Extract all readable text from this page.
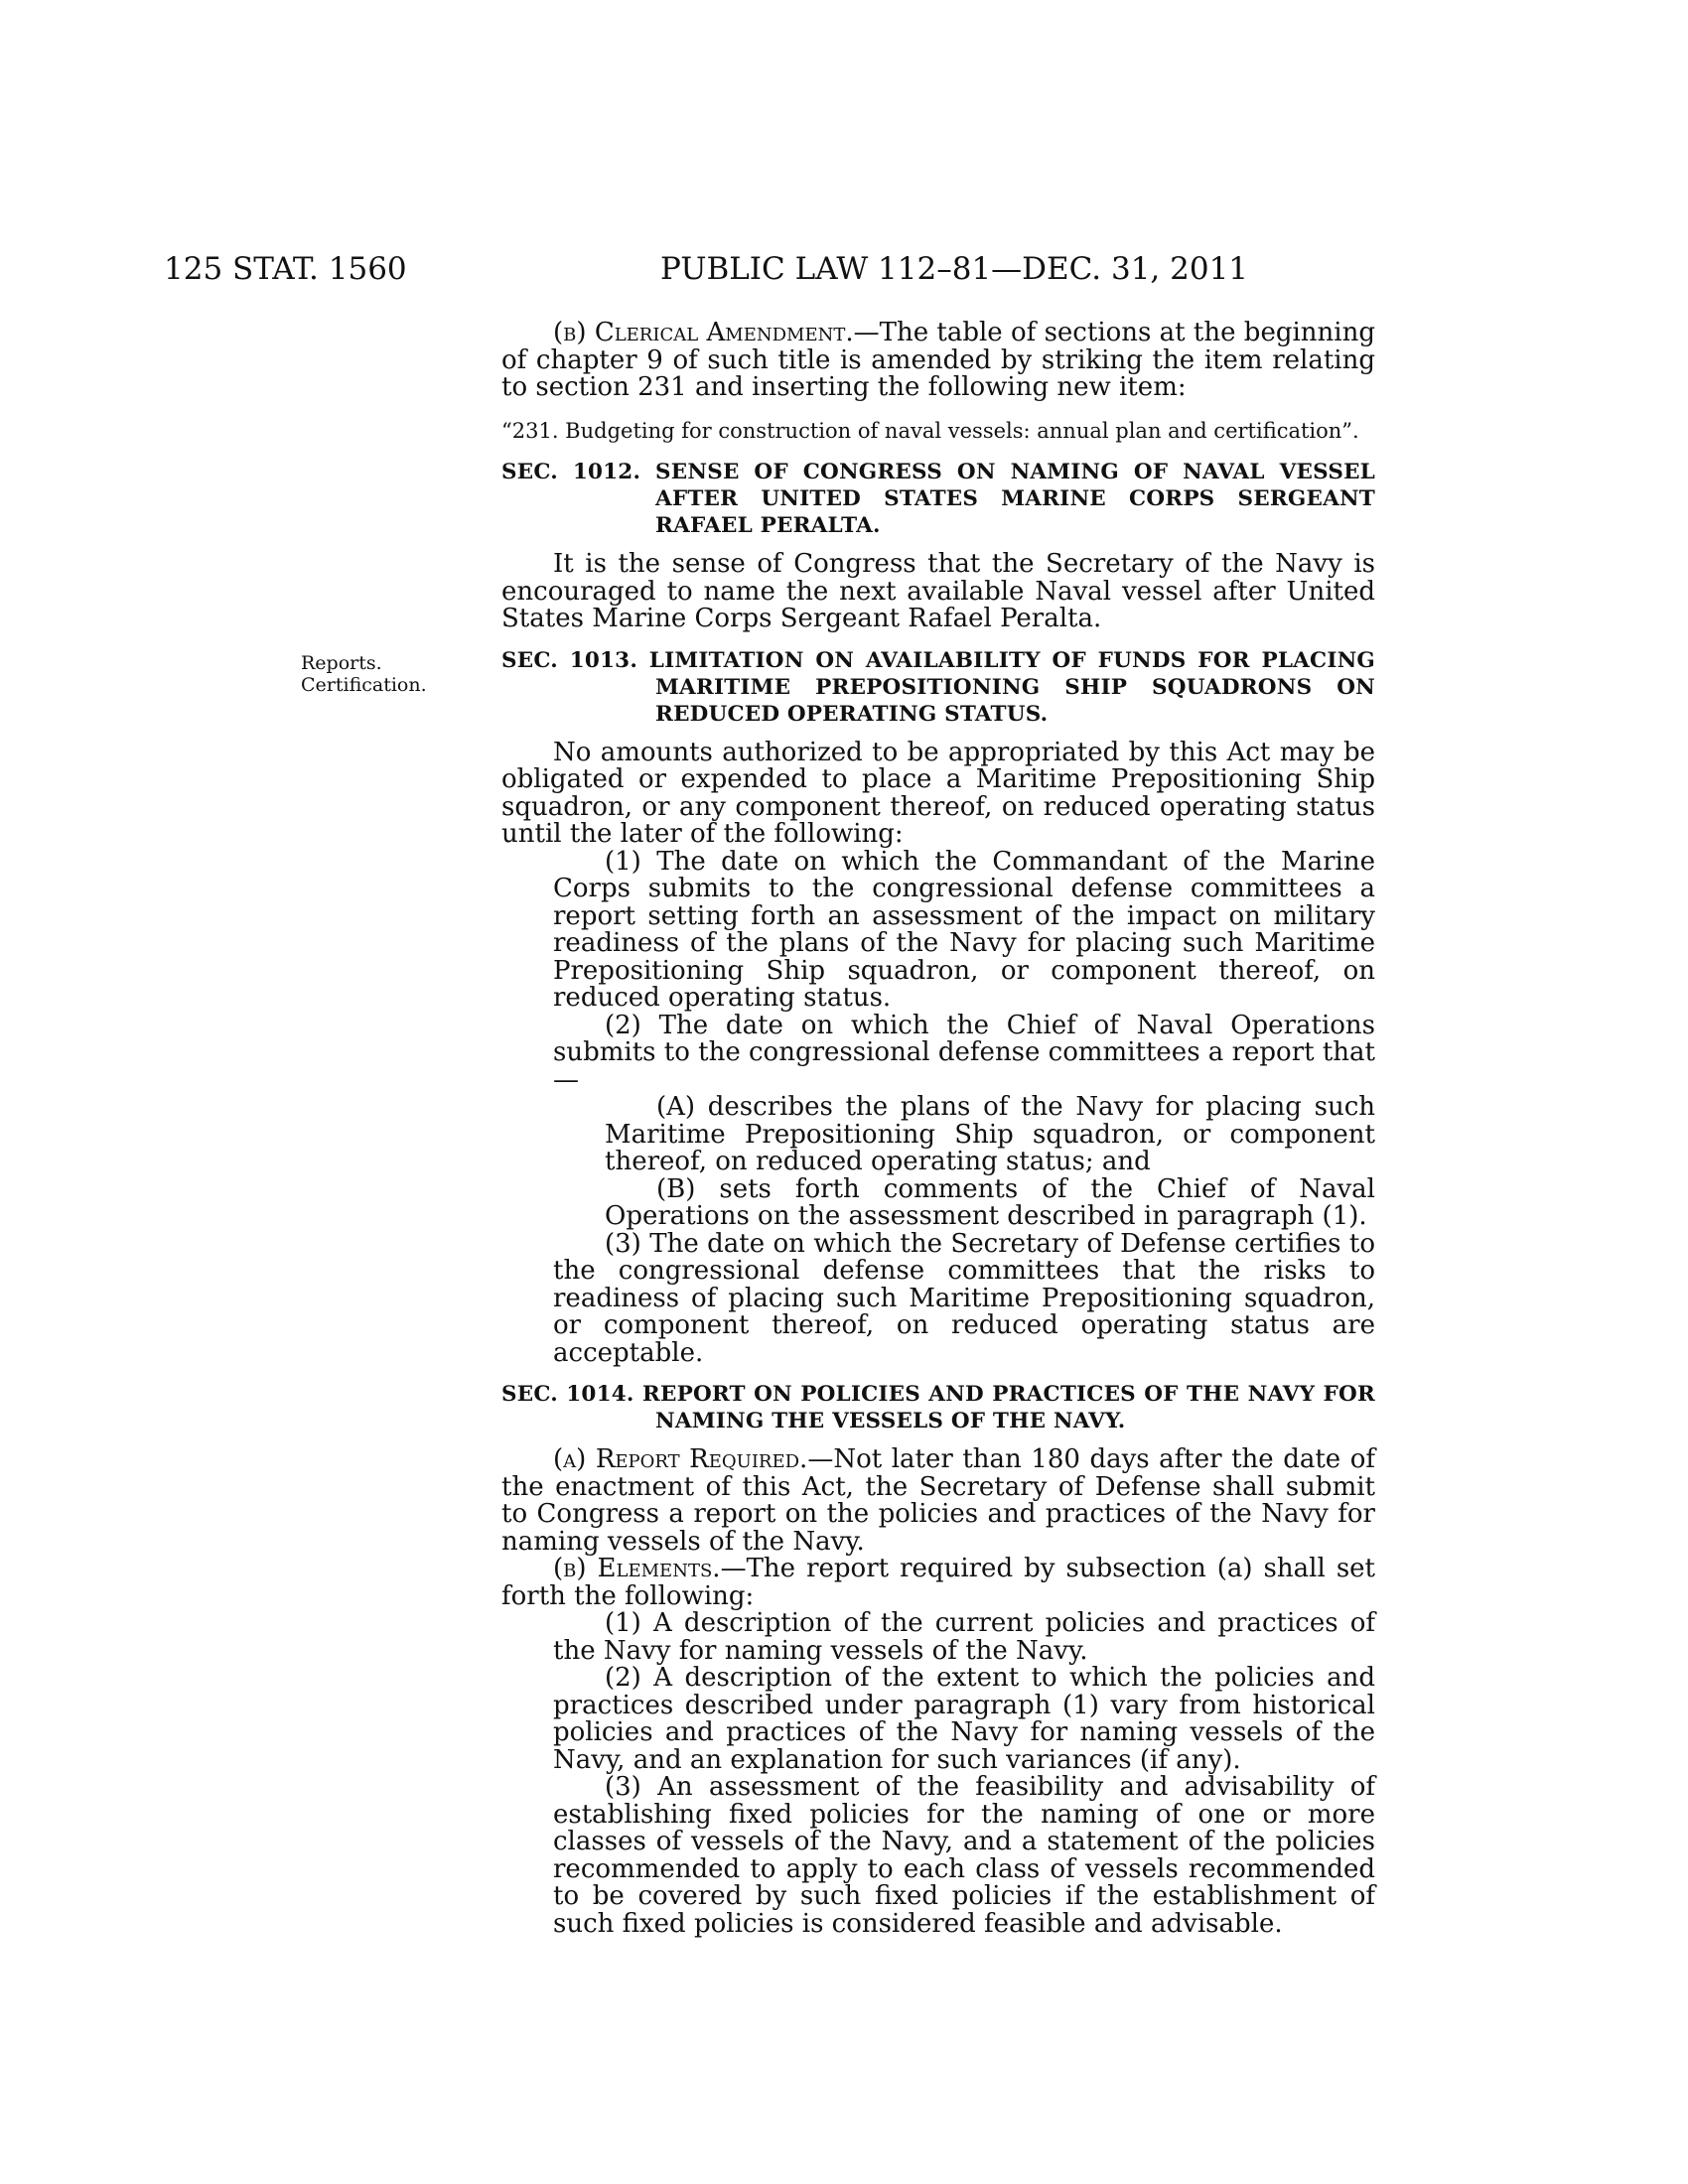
125 STAT. 1560	PUBLIC LAW 112–81—DEC. 31, 2011
Reports.
Certification.

(b) Clerical Amendment.—The table of sections at the beginning of chapter 9 of such title is amended by striking the item relating to section 231 and inserting the following new item:

“231. Budgeting for construction of naval vessels: annual plan and certification”.

SEC. 1012. SENSE OF CONGRESS ON NAMING OF NAVAL VESSEL AFTER UNITED STATES MARINE CORPS SERGEANT RAFAEL PERALTA.

It is the sense of Congress that the Secretary of the Navy is encouraged to name the next available Naval vessel after United States Marine Corps Sergeant Rafael Peralta.

SEC. 1013. LIMITATION ON AVAILABILITY OF FUNDS FOR PLACING MARITIME PREPOSITIONING SHIP SQUADRONS ON REDUCED OPERATING STATUS.

No amounts authorized to be appropriated by this Act may be obligated or expended to place a Maritime Prepositioning Ship squadron, or any component thereof, on reduced operating status until the later of the following:

(1) The date on which the Commandant of the Marine Corps submits to the congressional defense committees a report setting forth an assessment of the impact on military readiness of the plans of the Navy for placing such Maritime Prepositioning Ship squadron, or component thereof, on reduced operating status.

(2) The date on which the Chief of Naval Operations submits to the congressional defense committees a report that—

(A) describes the plans of the Navy for placing such Maritime Prepositioning Ship squadron, or component thereof, on reduced operating status; and

(B) sets forth comments of the Chief of Naval Operations on the assessment described in paragraph (1).

(3) The date on which the Secretary of Defense certifies to the congressional defense committees that the risks to readiness of placing such Maritime Prepositioning squadron, or component thereof, on reduced operating status are acceptable.

SEC. 1014. REPORT ON POLICIES AND PRACTICES OF THE NAVY FOR NAMING THE VESSELS OF THE NAVY.

(a) Report Required.—Not later than 180 days after the date of the enactment of this Act, the Secretary of Defense shall submit to Congress a report on the policies and practices of the Navy for naming vessels of the Navy.

(b) Elements.—The report required by subsection (a) shall set forth the following:

(1) A description of the current policies and practices of the Navy for naming vessels of the Navy.

(2) A description of the extent to which the policies and practices described under paragraph (1) vary from historical policies and practices of the Navy for naming vessels of the Navy, and an explanation for such variances (if any).

(3) An assessment of the feasibility and advisability of establishing fixed policies for the naming of one or more classes of vessels of the Navy, and a statement of the policies recommended to apply to each class of vessels recommended to be covered by such fixed policies if the establishment of such fixed policies is considered feasible and advisable.
